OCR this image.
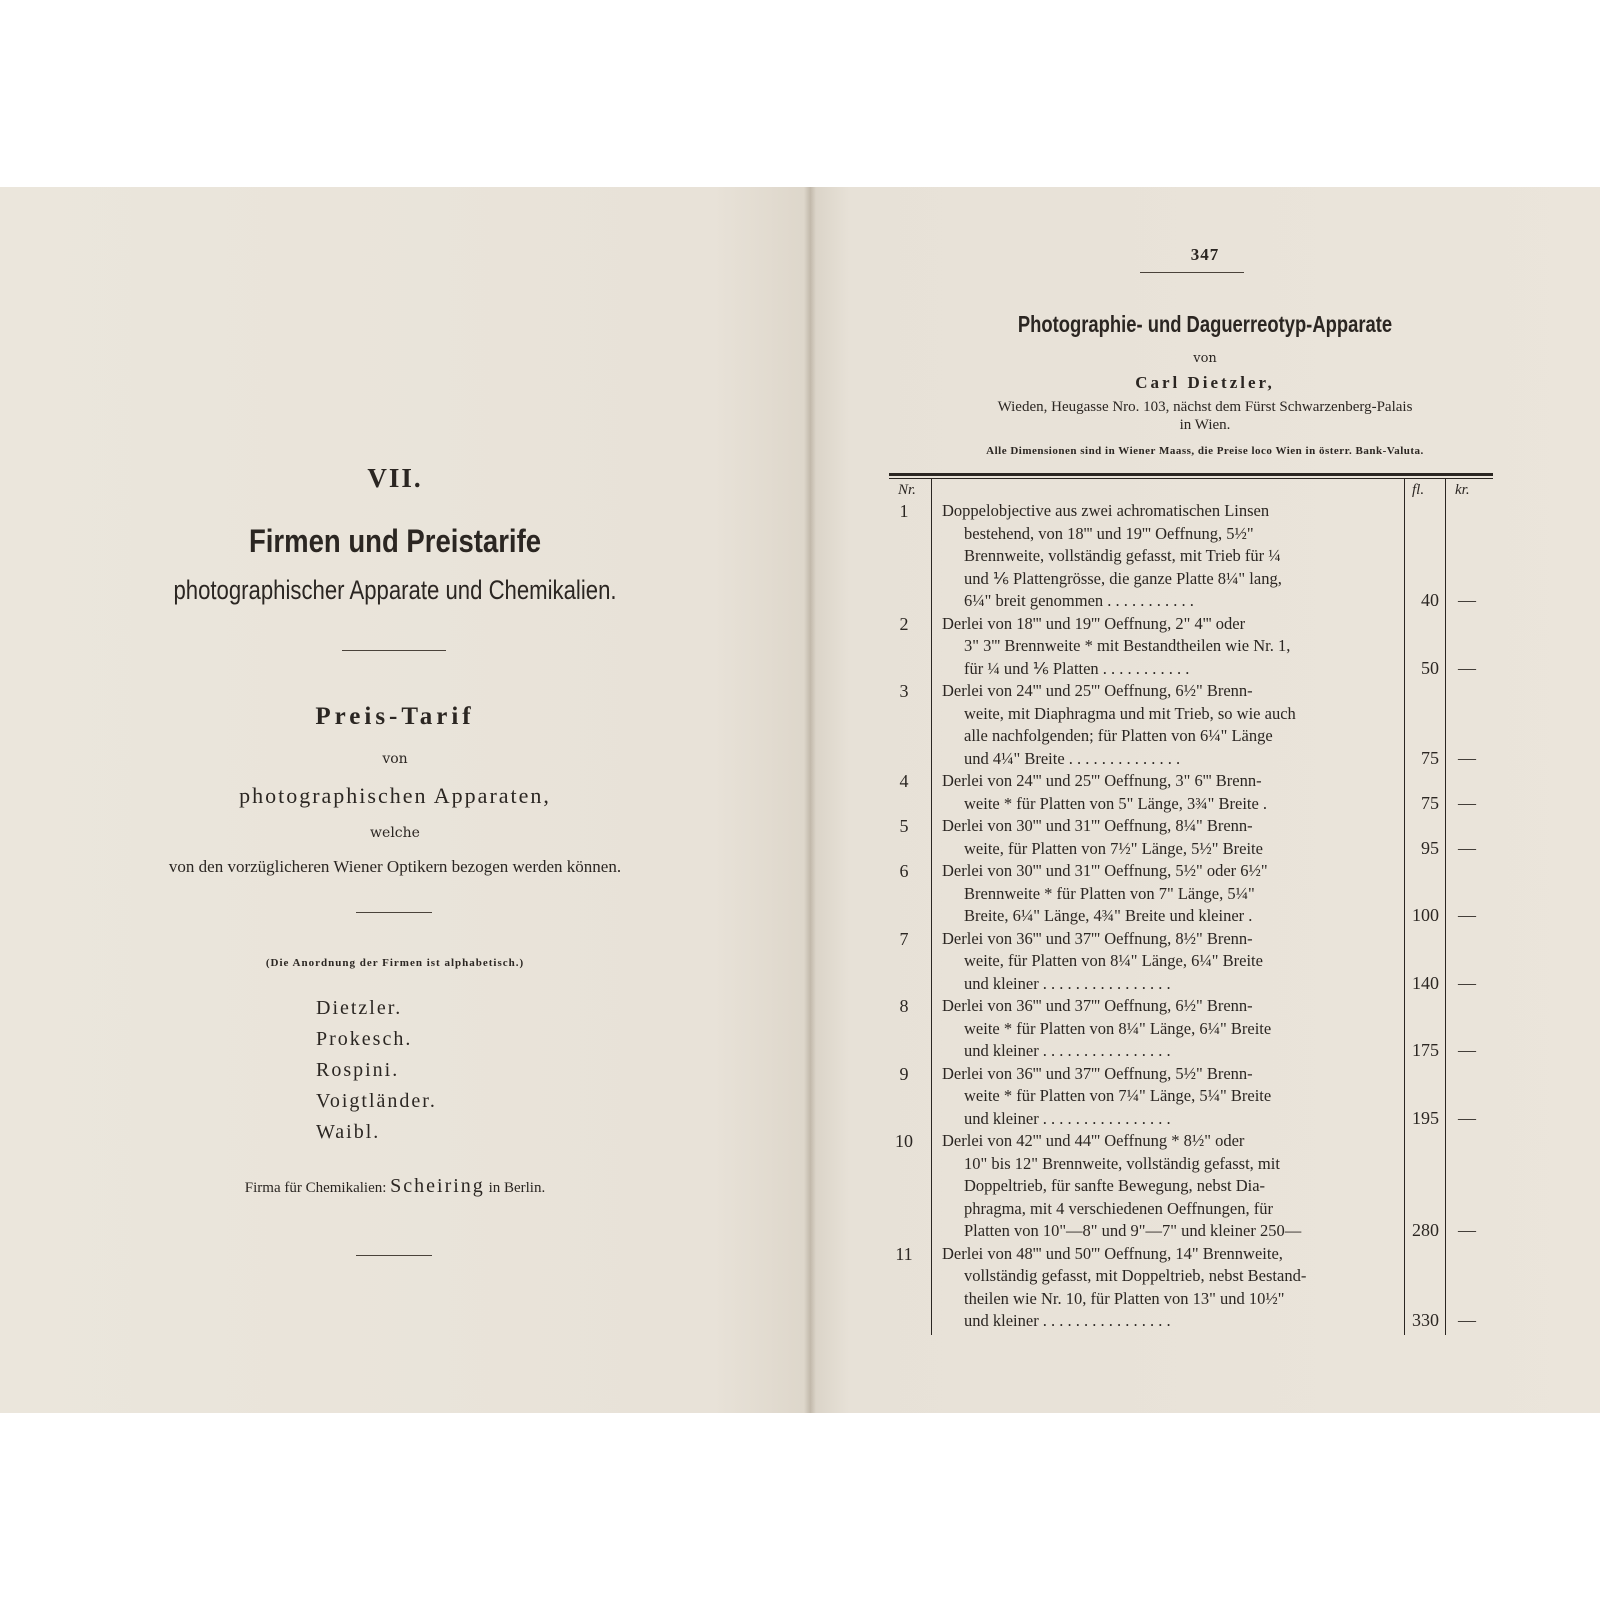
VII.
Firmen und Preistarife
photographischer Apparate und Chemikalien.
Preis-Tarif
von
photographischen Apparaten,
welche
von den vorzüglicheren Wiener Optikern bezogen werden können.
(Die Anordnung der Firmen ist alphabetisch.)
Dietzler.
Prokesch.
Rospini.
Voigtländer.
Waibl.
Firma für Chemikalien: Scheiring in Berlin.
347
Photographie- und Daguerreotyp-Apparate
von
Carl Dietzler,
Wieden, Heugasse Nro. 103, nächst dem Fürst Schwarzenberg-Palais
in Wien.
Alle Dimensionen sind in Wiener Maass, die Preise loco Wien in österr. Bank-Valuta.
Nr.	fl. kr.
1	Doppelobjective aus zwei achromatischen Linsen
bestehend, von 18''' und 19''' Oeffnung, 5½"
Brennweite, vollständig gefasst, mit Trieb für ¼
und ⅙ Plattengrösse, die ganze Platte 8¼" lang,
6¼" breit genommen . . . . . . . . . . .	40 —
2	Derlei von 18''' und 19''' Oeffnung, 2" 4''' oder
3" 3''' Brennweite * mit Bestandtheilen wie Nr. 1,
für ¼ und ⅙ Platten . . . . . . . . . . .	50 —
3	Derlei von 24''' und 25''' Oeffnung, 6½" Brenn-
weite, mit Diaphragma und mit Trieb, so wie auch
alle nachfolgenden; für Platten von 6¼" Länge
und 4¼" Breite . . . . . . . . . . . . . .	75 —
4	Derlei von 24''' und 25''' Oeffnung, 3" 6''' Brenn-
weite * für Platten von 5" Länge, 3¾" Breite .	75 —
5	Derlei von 30''' und 31''' Oeffnung, 8¼" Brenn-
weite, für Platten von 7½" Länge, 5½" Breite	95 —
6	Derlei von 30''' und 31''' Oeffnung, 5½" oder 6½"
Brennweite * für Platten von 7" Länge, 5¼"
Breite, 6¼" Länge, 4¾" Breite und kleiner .	100 —
7	Derlei von 36''' und 37''' Oeffnung, 8½" Brenn-
weite, für Platten von 8¼" Länge, 6¼" Breite
und kleiner . . . . . . . . . . . . . . . .	140 —
8	Derlei von 36''' und 37''' Oeffnung, 6½" Brenn-
weite * für Platten von 8¼" Länge, 6¼" Breite
und kleiner . . . . . . . . . . . . . . . .	175 —
9	Derlei von 36''' und 37''' Oeffnung, 5½" Brenn-
weite * für Platten von 7¼" Länge, 5¼" Breite
und kleiner . . . . . . . . . . . . . . . .	195 —
10	Derlei von 42''' und 44''' Oeffnung * 8½" oder
10" bis 12" Brennweite, vollständig gefasst, mit
Doppeltrieb, für sanfte Bewegung, nebst Dia-
phragma, mit 4 verschiedenen Oeffnungen, für
Platten von 10"—8" und 9"—7" und kleiner 250—	280 —
11	Derlei von 48''' und 50''' Oeffnung, 14" Brennweite,
vollständig gefasst, mit Doppeltrieb, nebst Bestand-
theilen wie Nr. 10, für Platten von 13" und 10½"
und kleiner . . . . . . . . . . . . . . . .	330 —
